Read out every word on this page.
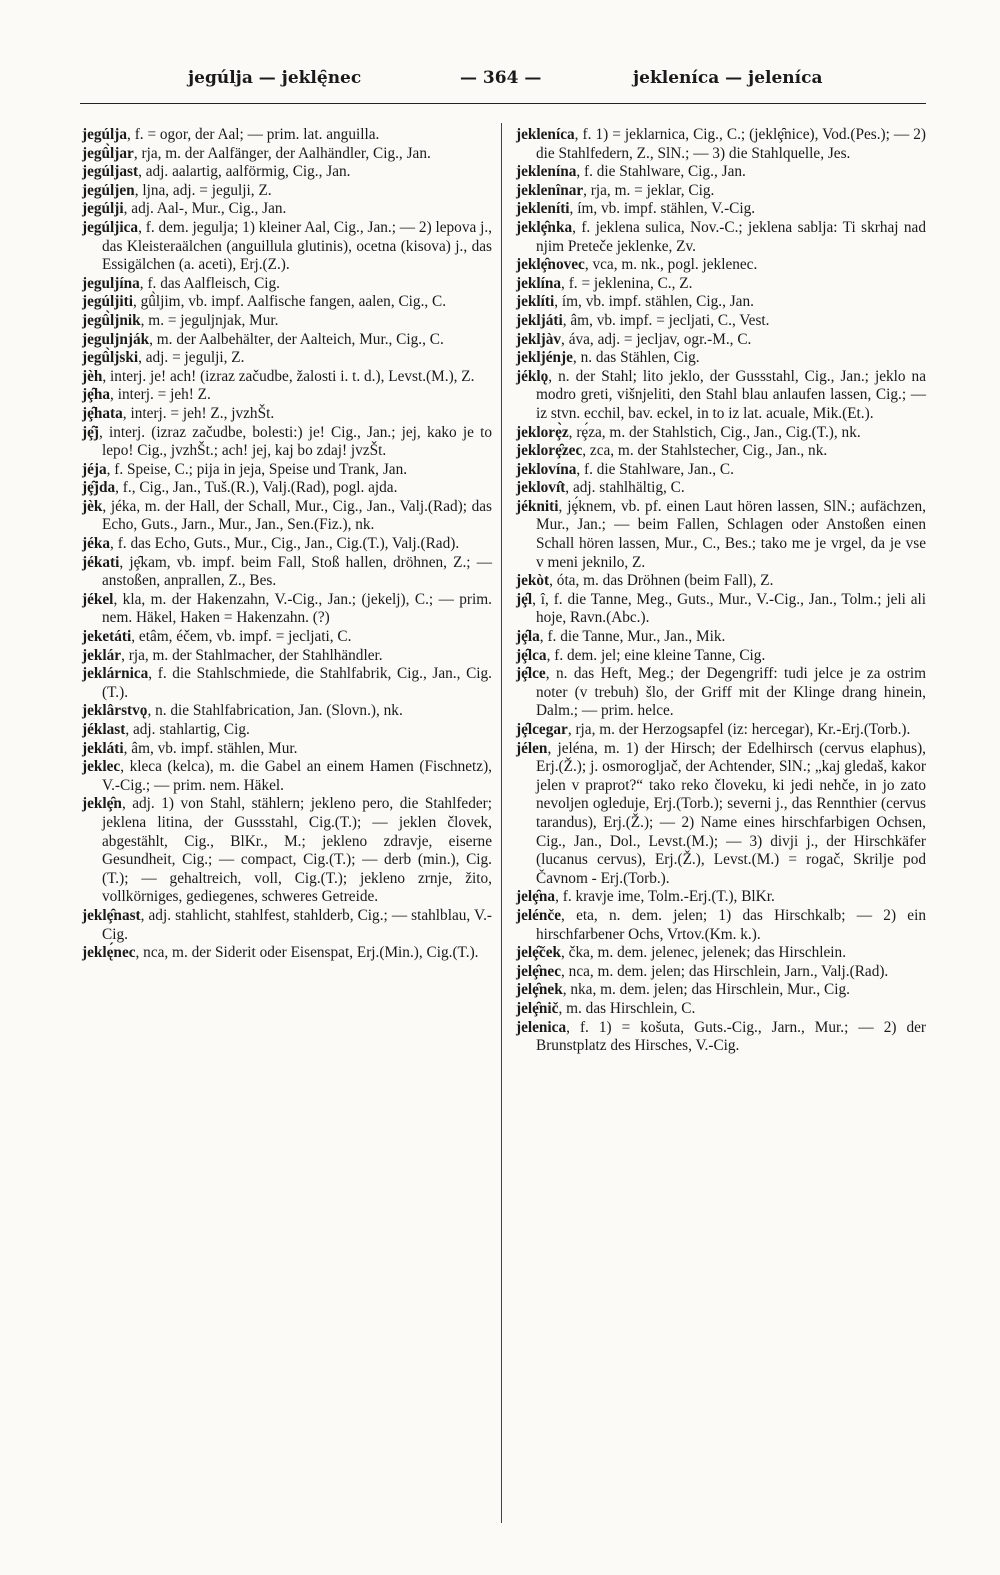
jegúlja — jeklę̑nec	— 364 —	jeklenı́ca — jelenı́ca
jegúlja, f. = ogor, der Aal; — prim. lat. anguilla.
jegû̀ljar, rja, m. der Aalfänger, der Aalhändler, Cig., Jan.
jegúljast, adj. aalartig, aalförmig, Cig., Jan.
jegúljen, ljna, adj. = jegulji, Z.
jegúlji, adj. Aal-, Mur., Cig., Jan.
jegúljica, f. dem. jegulja; 1) kleiner Aal, Cig., Jan.; — 2) lepova j., das Kleisteraälchen (anguillula glutinis), ocetna (kisova) j., das Essigälchen (a. aceti), Erj.(Z.).
jeguljína, f. das Aalfleisch, Cig.
jegúljiti, gû̀ljim, vb. impf. Aalfische fangen, aalen, Cig., C.
jegû̀ljnik, m. = jeguljnjak, Mur.
jeguljnják, m. der Aalbehälter, der Aalteich, Mur., Cig., C.
jegû̀ljski, adj. = jegulji, Z.
jèh, interj. je! ach! (izraz začudbe, žalosti i. t. d.), Levst.(M.), Z.
jȩ̑ha, interj. = jeh! Z.
jȩ̑hata, interj. = jeh! Z., jvzhŠt.
jȩ̑j, interj. (izraz začudbe, bolesti:) je! Cig., Jan.; jej, kako je to lepo! Cig., jvzhŠt.; ach! jej, kaj bo zdaj! jvzŠt.
jéja, f. Speise, C.; pija in jeja, Speise und Trank, Jan.
jȩ̑jda, f., Cig., Jan., Tuš.(R.), Valj.(Rad), pogl. ajda.
jèk, jéka, m. der Hall, der Schall, Mur., Cig., Jan., Valj.(Rad); das Echo, Guts., Jarn., Mur., Jan., Sen.(Fiz.), nk.
jéka, f. das Echo, Guts., Mur., Cig., Jan., Cig.(T.), Valj.(Rad).
jékati, jȩ̑kam, vb. impf. beim Fall, Stoß hallen, dröhnen, Z.; — anstoßen, anprallen, Z., Bes.
jékel, kla, m. der Hakenzahn, V.-Cig., Jan.; (jekelj), C.; — prim. nem. Häkel, Haken = Hakenzahn. (?)
jeketáti, etâm, éčem, vb. impf. = jecljati, C.
jeklár, rja, m. der Stahlmacher, der Stahlhändler.
jeklárnica, f. die Stahlschmiede, die Stahlfabrik, Cig., Jan., Cig.(T.).
jeklârstvǫ, n. die Stahlfabrication, Jan. (Slovn.), nk.
jéklast, adj. stahlartig, Cig.
jekláti, âm, vb. impf. stählen, Mur.
jeklec, kleca (kelca), m. die Gabel an einem Hamen (Fischnetz), V.-Cig.; — prim. nem. Häkel.
jeklȩ̑n, adj. 1) von Stahl, stählern; jekleno pero, die Stahlfeder; jeklena litina, der Gussstahl, Cig.(T.); — jeklen človek, abgestählt, Cig., BlKr., M.; jekleno zdravje, eiserne Gesundheit, Cig.; — compact, Cig.(T.); — derb (min.), Cig.(T.); — gehaltreich, voll, Cig.(T.); jekleno zrnje, žito, vollkörniges, gediegenes, schweres Getreide.
jeklȩ̑nast, adj. stahlicht, stahlfest, stahlderb, Cig.; — stahlblau, V.-Cig.
jeklę́nec, nca, m. der Siderit oder Eisenspat, Erj.(Min.), Cig.(T.).
jekleníca, f. 1) = jeklarnica, Cig., C.; (jeklȩ̑nice), Vod.(Pes.); — 2) die Stahlfedern, Z., SlN.; — 3) die Stahlquelle, Jes.
jeklenína, f. die Stahlware, Cig., Jan.
jeklenînar, rja, m. = jeklar, Cig.
jekleníti, ím, vb. impf. stählen, V.-Cig.
jeklȩ̑nka, f. jeklena sulica, Nov.-C.; jeklena sablja: Ti skrhaj nad njim Preteče jeklenke, Zv.
jeklȩ̑novec, vca, m. nk., pogl. jeklenec.
jeklína, f. = jeklenina, C., Z.
jeklíti, ím, vb. impf. stählen, Cig., Jan.
jekljáti, âm, vb. impf. = jecljati, C., Vest.
jekljàv, áva, adj. = jecljav, ogr.-M., C.
jekljénje, n. das Stählen, Cig.
jéklǫ, n. der Stahl; lito jeklo, der Gussstahl, Cig., Jan.; jeklo na modro greti, višnjeliti, den Stahl blau anlaufen lassen, Cig.; — iz stvn. ecchil, bav. eckel, in to iz lat. acuale, Mik.(Et.).
jeklorȩ̀z, rȩ́za, m. der Stahlstich, Cig., Jan., Cig.(T.), nk.
jeklorȩ̑zec, zca, m. der Stahlstecher, Cig., Jan., nk.
jeklovína, f. die Stahlware, Jan., C.
jeklovı̂t, adj. stahlhältig, C.
jékniti, jȩ́knem, vb. pf. einen Laut hören lassen, SlN.; aufächzen, Mur., Jan.; — beim Fallen, Schlagen oder Anstoßen einen Schall hören lassen, Mur., C., Bes.; tako me je vrgel, da je vse v meni jeknilo, Z.
jekòt, óta, m. das Dröhnen (beim Fall), Z.
jȩ̑l, î, f. die Tanne, Meg., Guts., Mur., V.-Cig., Jan., Tolm.; jeli ali hoje, Ravn.(Abc.).
jȩ̑la, f. die Tanne, Mur., Jan., Mik.
jȩ̑lca, f. dem. jel; eine kleine Tanne, Cig.
jȩ̑lce, n. das Heft, Meg.; der Degengriff: tudi jelce je za ostrim noter (v trebuh) šlo, der Griff mit der Klinge drang hinein, Dalm.; — prim. helce.
jȩ̑lcegar, rja, m. der Herzogsapfel (iz: hercegar), Kr.-Erj.(Torb.).
jélen, jeléna, m. 1) der Hirsch; der Edelhirsch (cervus elaphus), Erj.(Ž.); j. osmorogljač, der Achtender, SlN.; „kaj gledaš, kakor jelen v praprot?“ tako reko človeku, ki jedi nehče, in jo zato nevoljen ogleduje, Erj.(Torb.); severni j., das Rennthier (cervus tarandus), Erj.(Ž.); — 2) Name eines hirschfarbigen Ochsen, Cig., Jan., Dol., Levst.(M.); — 3) divji j., der Hirschkäfer (lucanus cervus), Erj.(Ž.), Levst.(M.) = rogač, Skrilje pod Čavnom - Erj.(Torb.).
jelȩ̑na, f. kravje ime, Tolm.-Erj.(T.), BlKr.
jelénče, eta, n. dem. jelen; 1) das Hirschkalb; — 2) ein hirschfarbener Ochs, Vrtov.(Km. k.).
jelȩ̑ček, čka, m. dem. jelenec, jelenek; das Hirschlein.
jelȩ̑nec, nca, m. dem. jelen; das Hirschlein, Jarn., Valj.(Rad).
jelȩ̑nek, nka, m. dem. jelen; das Hirschlein, Mur., Cig.
jelȩ̑nič, m. das Hirschlein, C.
jelenica, f. 1) = košuta, Guts.-Cig., Jarn., Mur.; — 2) der Brunstplatz des Hirsches, V.-Cig.
